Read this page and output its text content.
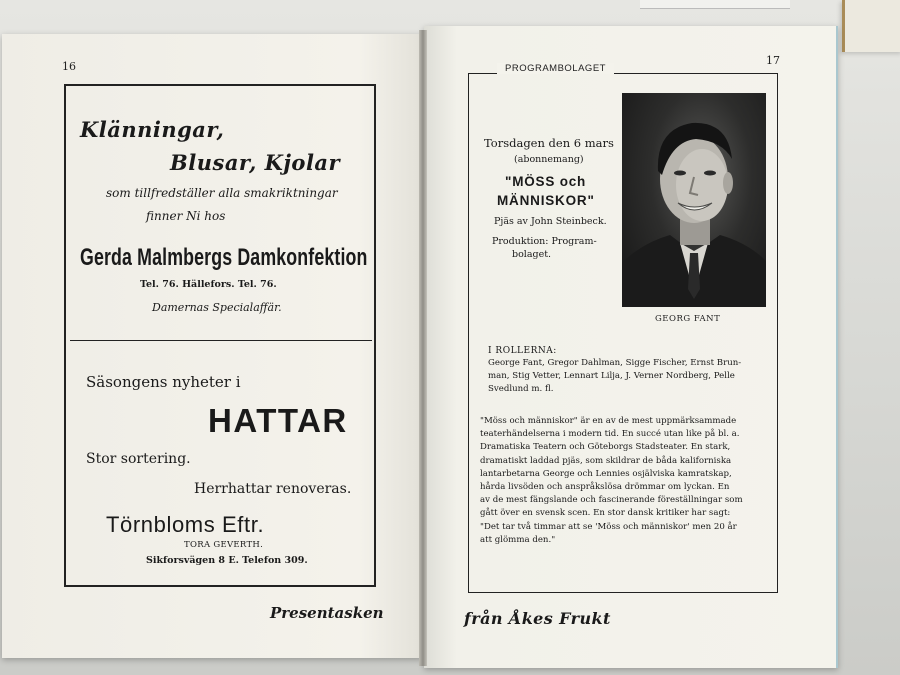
16
Klänningar,
Blusar, Kjolar
som tillfredställer alla smakriktningar
finner Ni hos
Gerda Malmbergs Damkonfektion
Tel. 76. Hällefors. Tel. 76.
Damernas Specialaffär.
Säsongens nyheter i
HATTAR
Stor sortering.
Herrhattar renoveras.
Törnbloms Eftr.
TORA GEVERTH.
Sikforsvägen 8 E. Telefon 309.
Presentasken
17
PROGRAMBOLAGET
Torsdagen den 6 mars
(abonnemang)
"MÖSS och
MÄNNISKOR"
Pjäs av John Steinbeck.
Produktion: Program-
bolaget.
GEORG FANT
I ROLLERNA:
George Fant, Gregor Dahlman, Sigge Fischer, Ernst Brun-
man, Stig Vetter, Lennart Lilja, J. Verner Nordberg, Pelle
Svedlund m. fl.
"Möss och människor" är en av de mest uppmärksammade
teaterhändelserna i modern tid. En succé utan like på bl. a.
Dramatiska Teatern och Göteborgs Stadsteater. En stark,
dramatiskt laddad pjäs, som skildrar de båda kaliforniska
lantarbetarna George och Lennies osjälviska kamratskap,
hårda livsöden och anspråkslösa drömmar om lyckan. En
av de mest fängslande och fascinerande föreställningar som
gått över en svensk scen. En stor dansk kritiker har sagt:
"Det tar två timmar att se 'Möss och människor' men 20 år
att glömma den."
från Åkes Frukt
